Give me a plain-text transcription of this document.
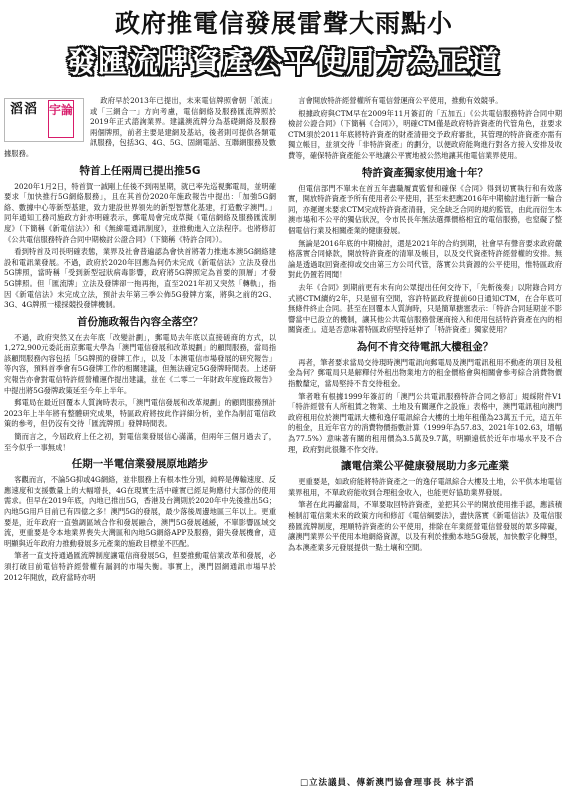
政府推電信發展雷聲大雨點小
發匯流牌資產公平使用方為正道
滔滔 宇論

政府早於2013年已提出，未來電信牌照會朝「派流」或「三網合一」方向考慮，電信網絡及服務匯流牌照於2019年正式諮詢業界。建議澳流牌分為基礎網絡及服務兩個牌照，前者主要是建網及基站，後者則可提供各類電訊服務，包括3G、4G、5G、固網電話、互聯網服務及數據服務。

特首上任兩周已提出推5G

2020年1月2日，特首賀一誠剛上任後不到兩星期，就已率先巡視郵電局，並明確要求「加快推行5G網絡服務」，且在其首份2020年施政報告中提出：「加強5G網絡、數據中心等新型基建，致力建設世界領先的新型智慧化基建，打造數字澳門。」同年通知工務司施政方針亦明確表示，郵電局會完成草擬《電信網絡及服務匯流制度》（下簡稱《新電信法》）和《無線電通訊制度》，並推動進入立法程序。也將修訂《公共電信服務特許合同中期檢討公證合同》（下簡稱《特許合同》）。

看到特首及司長明確表態，業界及社會普遍認為會快首將著力推進本澳5G網絡建設和電訊業發展。不過，政府於2020年回應為何仍未完成《新電信法》立法及發出5G牌照，當時稱「受到新型冠狀病毒影響，政府將5G牌照定為首要的頂層」才發5G牌照。但「匯流牌」立法及發牌卻一拖再拖，直至2021年初又突然「轉軌」，指因《新電信法》未完成立法，預計去年第三季公佈5G發牌方案，將與之前的2G、3G、4G牌照一樣採競投發牌機制。

首份施政報告內容全落空？

不過，政府突然又在去年底「改變計劃」，郵電局去年底以直接磋商的方式，以1,272,900元委託南京郵電大學為「澳門電信發展和改革規劃」的顧問服務，當局指該顧問服務內容包括「5G牌照的發牌工作」，以及「本澳電信市場發展的研究報告」等內容，預料首季會有5G發牌工作的相關建議，但無法確定5G發牌時間表。上述研究報告亦會對電信特許經營權運作提出建議，並在《二零二一年財政年度施政報告》中提出將5G發牌政策延至今年上半年。

郵電局在最近回覆本人質詢時表示，「澳門電信發展和改革規劃」的顧問服務預計2023年上半年將有整體研究成果，特區政府將按此作詳細分析，並作為制訂電信政策的參考，但仍沒有交待「匯流牌照」發牌時間表。

簡而言之，今屆政府上任之初，對電信業發展信心滿滿，但兩年三個月過去了，至今似乎一事無成！

任期一半電信業發展原地踏步

客觀而言，不論5G抑或4G網絡，並非服務上有根本性分別，純粹是傳輸速度、反應速度和支援數量上的大幅增長，4G在現實生活中確實已經足夠應付大部份的使用需求。但早在2019年底，內地已推出5G，香港及台灣則於2020年中先後推出5G；內地5G用戶目前已有四億之多！澳門5G的發展，最少落後周邊地區三年以上。更重要是，近年政府一直強調區域合作和發展融合，澳門5G發展越緩，不單影響區域交流，更重要是令本地業界喪失大灣區和內地5G網絡APP及服務，錯失發展機會，這明顯與近年政府力推動發展多元產業的施政目標並不匹配。

筆者一直支持通過匯流牌制度讓電信商發展5G，但要推動電信業改革和發展，必須打破目前電信特許經營權有漏洞的市場失衡。事實上，澳門固網通訊市場早於2012年開放，政府當時亦明

言會開放特許經營權所有電信營運商公平使用，推動有效競爭。

根據政府與CTM早在2009年11月簽訂的「五加五」《公共電信服務特許合同中期檢討公證合同》（下簡稱《合同》），明確CTM僅是政府特許資產的代管角色，並要求CTM須於2011年底將特許資產的財產清冊交予政府審批，其管理的特許資產亦需有獨立帳目，並須交待「非特許資產」的劃分，以便政府能夠進行對各方接入安排及收費等，確保特許資產能公平地讓公平實地被公然地讓其他電信業界使用。

特許資產獨家使用逾十年？

但電信部門不單未在首五年盡職履責監督和確保《合同》得到切實執行和有效落實，開放特許資產予所有使用者公平使用，甚至未把應2016年中期檢討進行新一輪合同，亦遲遲未要求CTM完成特許資產清冊，完全缺乏合同的規約監管，由此而衍生本澳市場和不公平的獨佔狀況，令市民長年無法選擇價格相宜的電信服務，也窒礙了整個電信行業及相關產業的健康發展。

無論是2016年底的中期檢討，還是2021年的合約到期，社會早有聲音要求政府嚴格落實合同條款，開放特許資產的清單及帳目，以及交代資產特許經營權的安排。無論是透過取回資產抑或交由第三方公司代管，落實公共資源的公平使用，惟特區政府對此仍置若罔聞！

去年《合同》到期前更有未有向公眾提出任何交待下，「先斬後奏」以附錄合同方式將CTM續約2年，只是留有空間，容許特區政府提前60日通知CTM，在合年底可無條件終止合同。甚至在回覆本人質詢時，只是簡單搪塞表示：「特許合同延期並不影響當中已設立的機制，讓其他公共電信服務營運商接入和使用包括特許資產在內的相關資產」。這是否意味著特區政府堅持延伸了「特許資產」獨家使用？

為何不肯交待電訊大樓租金？

再者，筆者要求當局交待現時澳門電訊向郵電局及澳門電訊租用不動產的項目及租金為何？郵電局只是解釋付外租出物業地方的租金價格會與相關會參考綜合消費物價指數釐定，當局堅持不肯交待租金。

筆者唯有根據1999年簽訂的「澳門公共電訊服務特許合同之修訂」規綵附件V1「特許經營有人所租賃之物業、土地及有關運作之設施」表格中，澳門電訊租向澳門政府租用位於澳門電訊大樓和逸仔電訊綜合大樓的土地年租僅為23萬五千元，這五年的租金，且近年官方的消費物價指數計算（1999年為57.83、2021年102.63，增幅為77.5%）意味著有關的租用價為3.5萬及9.7萬，明顯遠低於近年市場水平及不合理，政府對此很難不作交待。

讓電信業公平健康發展助力多元產業

更重要是，如政府能將特許資產之一的逸仔電訊綜合大樓及土地，公平供本地電信業界租用，不單政府能收到合理租金收入，也能更好協助業界發展。

筆者在此再籲當局，不單要取回特許資產，並把其公平的開放使用推手認，應該積極制訂電信業未來的政策方向和修訂《電信綱要法》，盡快落實《新電信法》及電信服務匯流牌制度，理順特許資產的公平使用，排除在年業經營電信營發展的眾多障礙，讓澳門業界公平使用本地網絡資源，以及有利於推動本地5G發展，加快數字化轉型，為本澳產業多元發展提供一點土壤和空間。

□立法議員、傳新澳門協會理事長 林宇滔
